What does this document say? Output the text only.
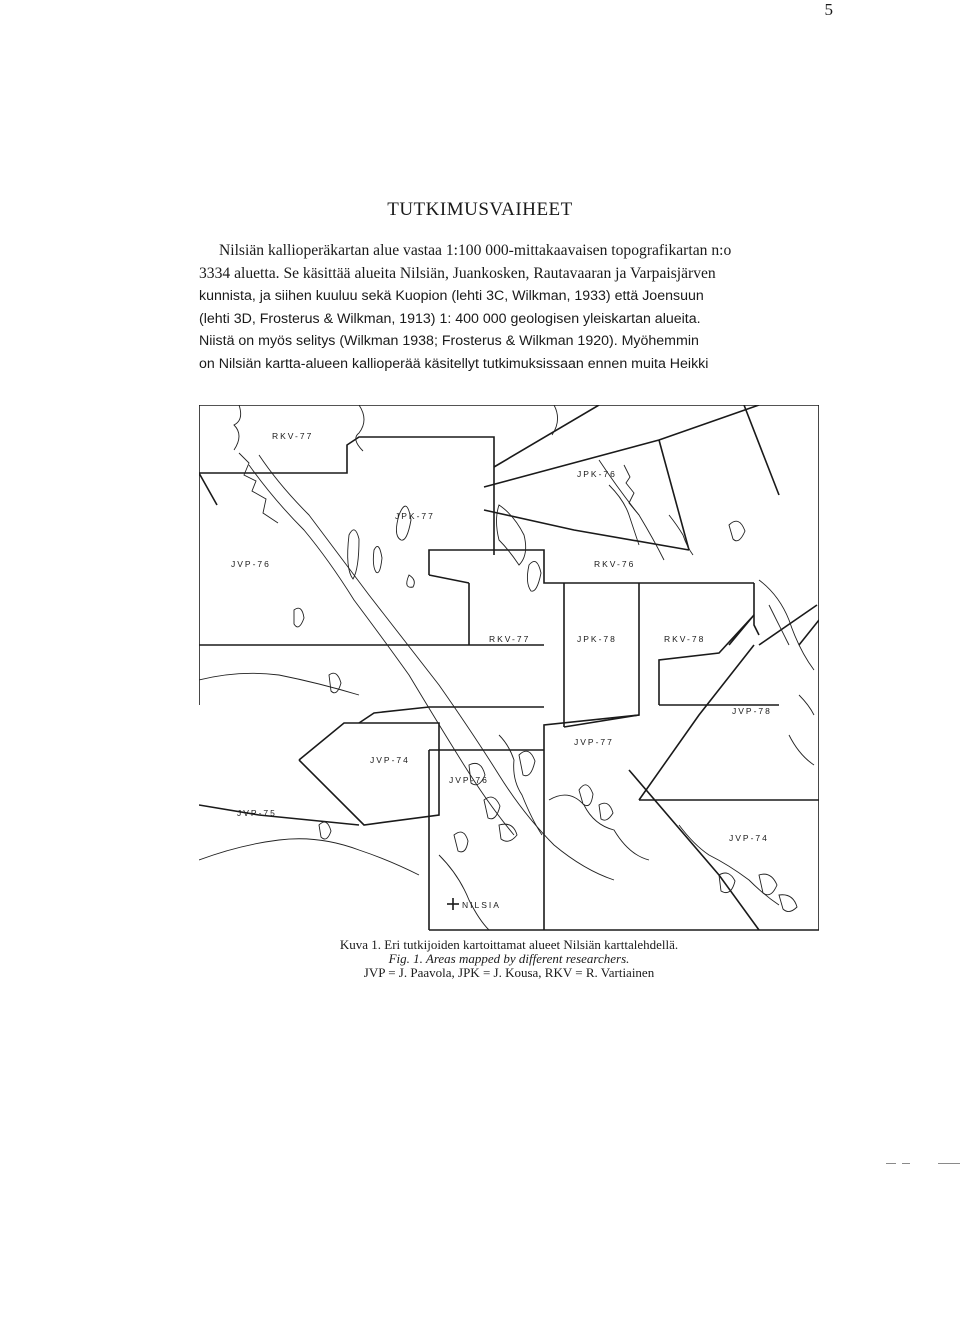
5
TUTKIMUSVAIHEET
Nilsiän kallioperäkartan alue vastaa 1:100 000-mittakaavaisen topografikartan n:o
3334 aluetta. Se käsittää alueita Nilsiän, Juankosken, Rautavaaran ja Varpaisjärven
kunnista, ja siihen kuuluu sekä Kuopion (lehti 3C, Wilkman, 1933) että Joensuun
(lehti 3D, Frosterus & Wilkman, 1913) 1: 400 000 geologisen yleiskartan alueita.
Niistä on myös selitys (Wilkman 1938; Frosterus & Wilkman 1920). Myöhemmin
on Nilsiän kartta-alueen kallioperää käsitellyt tutkimuksissaan ennen muita Heikki
RKV-77
JPK-76
JPK-77
JVP-76	RKV-76
RKV-77	JPK-78	RKV-78
JVP-78
JVP-77
JVP-74
JVP-76
JVP-75
JVP-74
NILSIA
Kuva 1. Eri tutkijoiden kartoittamat alueet Nilsiän karttalehdellä.
Fig. 1. Areas mapped by different researchers.
JVP = J. Paavola, JPK = J. Kousa, RKV = R. Vartiainen
